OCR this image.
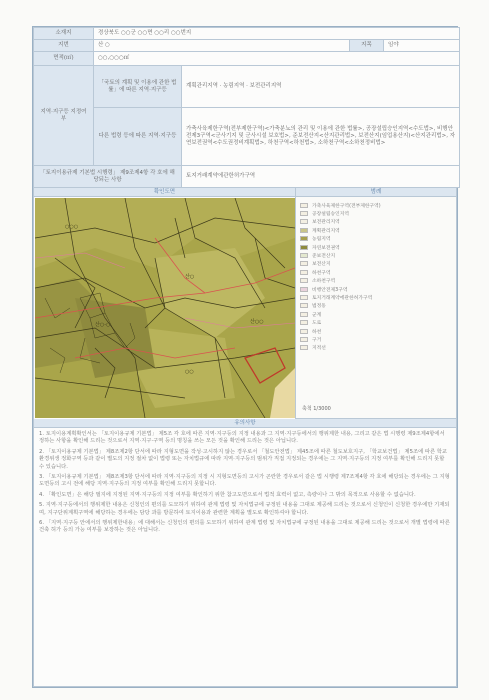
소재지	경상북도 ○○군 ○○면 ○○리 ○○번지			
지번	산 ○		지목	임야
면적(㎡)	○○,○○○㎡			
지역·지구등 지정여부	「국토의 계획 및 이용에 관한 법률」에 따른 지역·지구등	계획관리지역 · 농림지역 · 보전관리지역		
	다른 법령 등에 따른 지역·지구등	가축사육제한구역(전부제한구역)<가축분뇨의 관리 및 이용에 관한 법률>, 공장설립승인지역<수도법>, 비행안전제3구역<군사기지 및 군사시설 보호법>, 준보전산지<산지관리법>, 보전산지(임업용산지)<산지관리법>, 자연보전권역<수도권정비계획법>, 하천구역<하천법>, 소하천구역<소하천정비법>		
「토지이용규제 기본법 시행령」 제9조제4항 각 호에 해당되는 사항		토지거래계약에관한허가구역		
확인도면	범례
산○
산○-○
○○
산○○
○○○
가축사육제한구역(전부제한구역)
공장설립승인지역
보전관리지역
계획관리지역
농림지역
자연보전권역
준보전산지
보전산지
하천구역
소하천구역
비행안전제3구역
토지거래계약에관한허가구역
법정동
군계
도로
하천
구거
지적선
축척 1/3000
유의사항

1. 토지이용계획확인서는 「토지이용규제 기본법」 제5조 각 호에 따른 지역·지구등의 지정 내용과 그 지역·지구등에서의 행위제한 내용, 그리고 같은 법 시행령 제9조제4항에서 정하는 사항을 확인해 드리는 것으로서 지역·지구·구역 등의 명칭을 쓰는 모든 것을 확인해 드리는 것은 아닙니다.

2. 「토지이용규제 기본법」 제8조제2항 단서에 따라 지형도면을 작성·고시하지 않는 경우로서 「철도안전법」 제45조에 따른 철도보호지구, 「학교보건법」 제5조에 따른 학교환경위생 정화구역 등과 같이 별도의 지정 절차 없이 법령 또는 자치법규에 따라 지역·지구등의 범위가 직접 지정되는 경우에는 그 지역·지구등의 지정 여부를 확인해 드리지 못할 수 있습니다.

3. 「토지이용규제 기본법」 제8조제3항 단서에 따라 지역·지구등의 지정 시 지형도면등의 고시가 곤란한 경우로서 같은 법 시행령 제7조제4항 각 호에 해당되는 경우에는 그 지형도면등의 고시 전에 해당 지역·지구등의 지정 여부를 확인해 드리지 못합니다.

4. 「확인도면」은 해당 필지에 지정된 지역·지구등의 지정 여부를 확인하기 위한 참고도면으로서 법적 효력이 없고, 측량이나 그 밖의 목적으로 사용할 수 없습니다.

5. 지역·지구등에서의 행위제한 내용은 신청인의 편의를 도모하기 위하여 관계 법령 및 자치법규에 규정된 내용을 그대로 제공해 드리는 것으로서 신청인이 신청한 경우에만 기재되며, 지구단위계획구역에 해당하는 경우에는 담당 과를 방문하여 토지이용과 관련한 계획을 별도로 확인하셔야 합니다.

6. 「지역·지구등 안에서의 행위제한내용」에 대해서는 신청인의 편의를 도모하기 위하여 관계 법령 및 자치법규에 규정된 내용을 그대로 제공해 드리는 것으로서 개별 법령에 따른 건축 허가 등의 가능 여부를 보장하는 것은 아닙니다.
